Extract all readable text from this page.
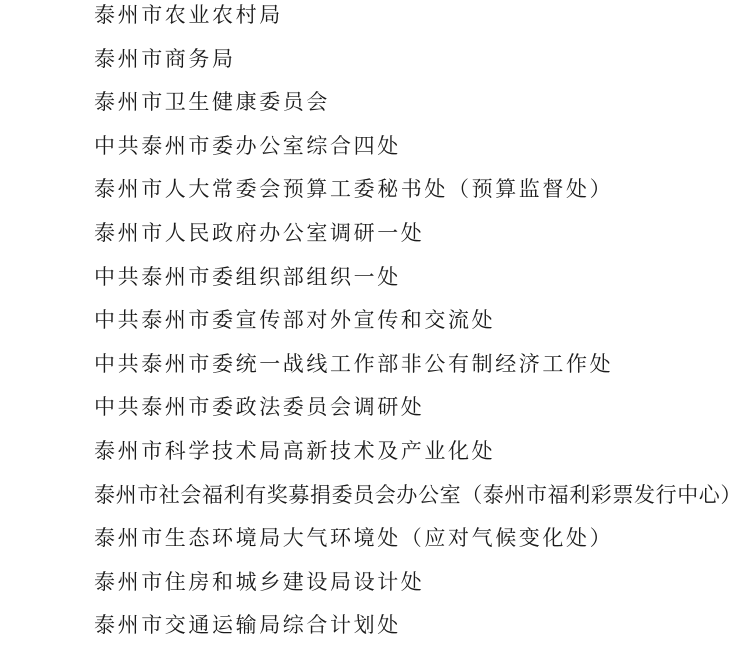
泰州市农业农村局
泰州市商务局
泰州市卫生健康委员会
中共泰州市委办公室综合四处
泰州市人大常委会预算工委秘书处（预算监督处）
泰州市人民政府办公室调研一处
中共泰州市委组织部组织一处
中共泰州市委宣传部对外宣传和交流处
中共泰州市委统一战线工作部非公有制经济工作处
中共泰州市委政法委员会调研处
泰州市科学技术局高新技术及产业化处
泰州市社会福利有奖募捐委员会办公室（泰州市福利彩票发行中心）
泰州市生态环境局大气环境处（应对气候变化处）
泰州市住房和城乡建设局设计处
泰州市交通运输局综合计划处
